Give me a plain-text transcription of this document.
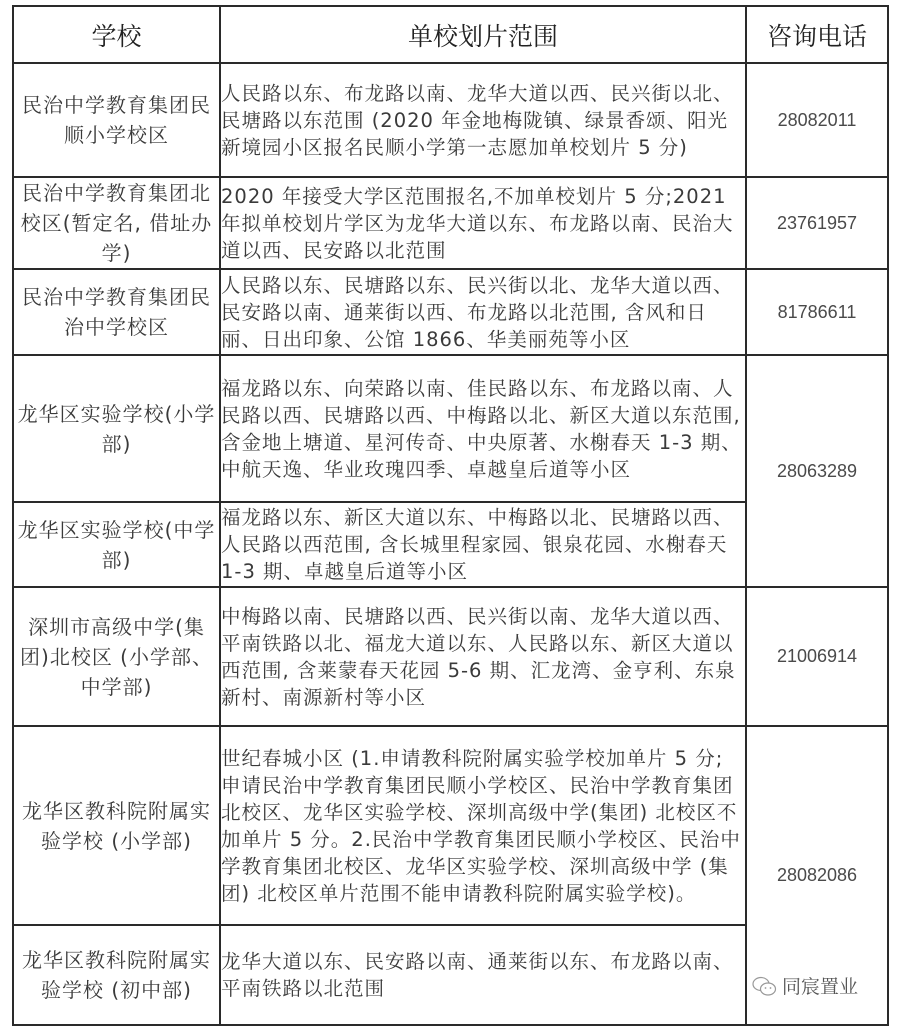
学校	单校划片范围	咨询电话
民治中学教育集团民顺小学校区	人民路以东、布龙路以南、龙华大道以西、民兴街以北、民塘路以东范围 (2020 年金地梅陇镇、绿景香颂、阳光新境园小区报名民顺小学第一志愿加单校划片 5 分)	28082011
民治中学教育集团北校区(暂定名, 借址办学)	2020 年接受大学区范围报名,不加单校划片 5 分;2021 年拟单校划片学区为龙华大道以东、布龙路以南、民治大道以西、民安路以北范围	23761957
民治中学教育集团民治中学校区	人民路以东、民塘路以东、民兴街以北、龙华大道以西、民安路以南、通莱街以西、布龙路以北范围, 含风和日丽、日出印象、公馆 1866、华美丽苑等小区	81786611
龙华区实验学校(小学部)	福龙路以东、向荣路以南、佳民路以东、布龙路以南、人民路以西、民塘路以西、中梅路以北、新区大道以东范围, 含金地上塘道、星河传奇、中央原著、水榭春天 1-3 期、中航天逸、华业玫瑰四季、卓越皇后道等小区	28063289
龙华区实验学校(中学部)	福龙路以东、新区大道以东、中梅路以北、民塘路以西、人民路以西范围, 含长城里程家园、银泉花园、水榭春天 1-3 期、卓越皇后道等小区	
深圳市高级中学(集团)北校区 (小学部、中学部)	中梅路以南、民塘路以西、民兴街以南、龙华大道以西、平南铁路以北、福龙大道以东、人民路以东、新区大道以西范围, 含莱蒙春天花园 5-6 期、汇龙湾、金亨利、东泉新村、南源新村等小区	21006914
龙华区教科院附属实验学校 (小学部)	世纪春城小区 (1.申请教科院附属实验学校加单片 5 分; 申请民治中学教育集团民顺小学校区、民治中学教育集团北校区、龙华区实验学校、深圳高级中学(集团) 北校区不加单片 5 分。2.民治中学教育集团民顺小学校区、民治中学教育集团北校区、龙华区实验学校、深圳高级中学 (集团) 北校区单片范围不能申请教科院附属实验学校)。	28082086

龙华区教科院附属实验学校 (初中部)	龙华大道以东、民安路以南、通莱街以东、布龙路以南、平南铁路以北范围		同宸置业
